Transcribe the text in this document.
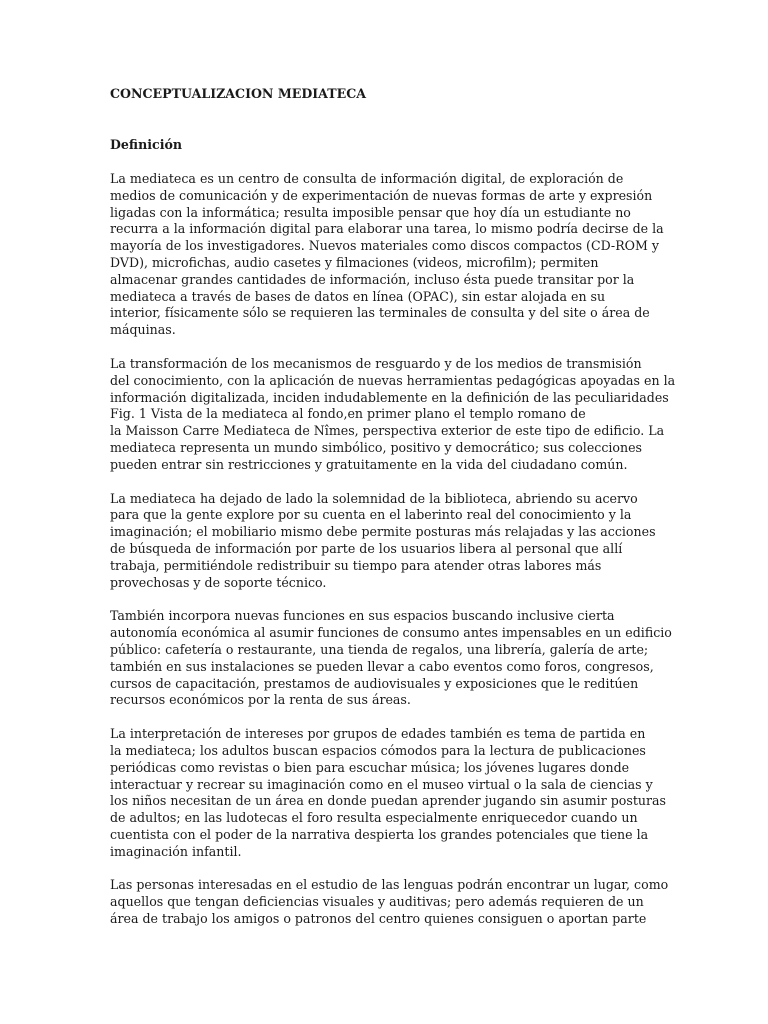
CONCEPTUALIZACION MEDIATECA
Definición
La mediateca es un centro de consulta de información digital, de exploración de
medios de comunicación y de experimentación de nuevas formas de arte y expresión
ligadas con la informática; resulta imposible pensar que hoy día un estudiante no
recurra a la información digital para elaborar una tarea, lo mismo podría decirse de la
mayoría de los investigadores. Nuevos materiales como discos compactos (CD-ROM y
DVD), microfichas, audio casetes y filmaciones (videos, microfilm); permiten
almacenar grandes cantidades de información, incluso ésta puede transitar por la
mediateca a través de bases de datos en línea (OPAC), sin estar alojada en su
interior, físicamente sólo se requieren las terminales de consulta y del site o área de
máquinas.
La transformación de los mecanismos de resguardo y de los medios de transmisión
del conocimiento, con la aplicación de nuevas herramientas pedagógicas apoyadas en la
información digitalizada, inciden indudablemente en la definición de las peculiaridades
Fig. 1 Vista de la mediateca al fondo,en primer plano el templo romano de
la Maisson Carre Mediateca de Nîmes, perspectiva exterior de este tipo de edificio. La
mediateca representa un mundo simbólico, positivo y democrático; sus colecciones
pueden entrar sin restricciones y gratuitamente en la vida del ciudadano común.
La mediateca ha dejado de lado la solemnidad de la biblioteca, abriendo su acervo
para que la gente explore por su cuenta en el laberinto real del conocimiento y la
imaginación; el mobiliario mismo debe permite posturas más relajadas y las acciones
de búsqueda de información por parte de los usuarios libera al personal que allí
trabaja, permitiéndole redistribuir su tiempo para atender otras labores más
provechosas y de soporte técnico.
También incorpora nuevas funciones en sus espacios buscando inclusive cierta
autonomía económica al asumir funciones de consumo antes impensables en un edificio
público: cafetería o restaurante, una tienda de regalos, una librería, galería de arte;
también en sus instalaciones se pueden llevar a cabo eventos como foros, congresos,
cursos de capacitación, prestamos de audiovisuales y exposiciones que le reditúen
recursos económicos por la renta de sus áreas.
La interpretación de intereses por grupos de edades también es tema de partida en
la mediateca; los adultos buscan espacios cómodos para la lectura de publicaciones
periódicas como revistas o bien para escuchar música; los jóvenes lugares donde
interactuar y recrear su imaginación como en el museo virtual o la sala de ciencias y
los niños necesitan de un área en donde puedan aprender jugando sin asumir posturas
de adultos; en las ludotecas el foro resulta especialmente enriquecedor cuando un
cuentista con el poder de la narrativa despierta los grandes potenciales que tiene la
imaginación infantil.
Las personas interesadas en el estudio de las lenguas podrán encontrar un lugar, como
aquellos que tengan deficiencias visuales y auditivas; pero además requieren de un
área de trabajo los amigos o patronos del centro quienes consiguen o aportan parte
